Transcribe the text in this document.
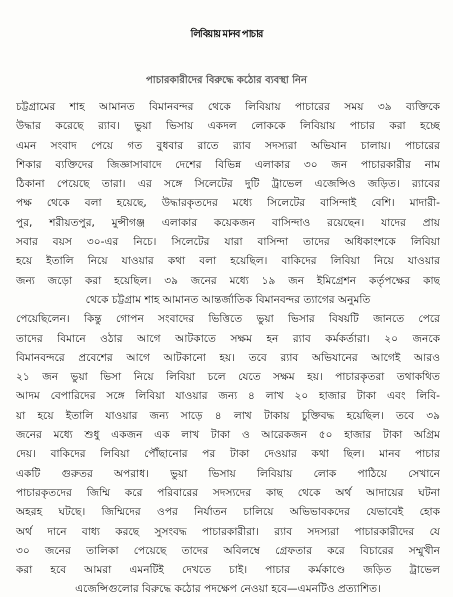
লিবিয়ায় মানব পাচার
পাচারকারীদের বিরুদ্ধে কঠোর ব্যবস্থা নিন
চট্টগ্রামের শাহ আমানত বিমানবন্দর থেকে লিবিয়ায় পাচারের সময় ৩৯ ব্যক্তিকে
উদ্ধার করেছে র‍্যাব। ভুয়া ভিসায় একদল লোককে লিবিয়ায় পাচার করা হচ্ছে
এমন সংবাদ পেয়ে গত বুধবার রাতে র‍্যাব সদস্যরা অভিযান চালায়। পাচারের
শিকার ব্যক্তিদের জিজ্ঞাসাবাদে দেশের বিভিন্ন এলাকার ৩০ জন পাচারকারীর নাম
ঠিকানা পেয়েছে তারা। এর সঙ্গে সিলেটের দুটি ট্রাভেল এজেন্সিও জড়িত। র‍্যাবের
পক্ষ থেকে বলা হয়েছে, উদ্ধারকৃতদের মধ্যে সিলেটের বাসিন্দাই বেশি। মাদারী-
পুর, শরীয়তপুর, মুন্সীগঞ্জ এলাকার কয়েকজন বাসিন্দাও রয়েছেন। যাদের প্রায়
সবার বয়স ৩০-এর নিচে। সিলেটের যারা বাসিন্দা তাদের অধিকাংশকে লিবিয়া
হয়ে ইতালি নিয়ে যাওয়ার কথা বলা হয়েছিল। বাকিদের লিবিয়া নিয়ে যাওয়ার
জন্য জড়ো করা হয়েছিল। ৩৯ জনের মধ্যে ১৯ জন ইমিগ্রেশন কর্তৃপক্ষের কাছ
থেকে চট্টগ্রাম শাহ আমানত আন্তর্জাতিক বিমানবন্দর ত্যাগের অনুমতি
পেয়েছিলেন। কিন্তু গোপন সংবাদের ভিত্তিতে ভুয়া ভিসার বিষয়টি জানতে পেরে
তাদের বিমানে ওঠার আগে আটকাতে সক্ষম হন র‍্যাব কর্মকর্তারা। ২০ জনকে
বিমানবন্দরে প্রবেশের আগে আটকানো হয়। তবে র‍্যাব অভিযানের আগেই আরও
২১ জন ভুয়া ভিসা নিয়ে লিবিয়া চলে যেতে সক্ষম হয়। পাচারকৃতরা তথাকথিত
আদম বেপারিদের সঙ্গে লিবিয়া যাওয়ার জন্য ৪ লাখ ২০ হাজার টাকা এবং লিবি-
য়া হয়ে ইতালি যাওয়ার জন্য সাড়ে ৪ লাখ টাকায় চুক্তিবদ্ধ হয়েছিল। তবে ৩৯
জনের মধ্যে শুধু একজন এক লাখ টাকা ও আরেকজন ৫০ হাজার টাকা অগ্রিম
দেয়। বাকিদের লিবিয়া পৌঁছানোর পর টাকা দেওয়ার কথা ছিল। মানব পাচার
একটি গুরুতর অপরাধ। ভুয়া ভিসায় লিবিয়ায় লোক পাঠিয়ে সেখানে
পাচারকৃতদের জিম্মি করে পরিবারের সদস্যদের কাছ থেকে অর্থ আদায়ের ঘটনা
অহরহ ঘটছে। জিম্মিদের ওপর নির্যাতন চালিয়ে অভিভাবকদের যেভাবেই হোক
অর্থ দানে বাধ্য করছে সুসংবদ্ধ পাচারকারীরা। র‍্যাব সদস্যরা পাচারকারীদের যে
৩০ জনের তালিকা পেয়েছে তাদের অবিলম্বে গ্রেফতার করে বিচারের সম্মুখীন
করা হবে আমরা এমনটিই দেখতে চাই। পাচার কর্মকাণ্ডে জড়িত ট্রাভেল
এজেন্সিগুলোর বিরুদ্ধে কঠোর পদক্ষেপ নেওয়া হবে—এমনটিও প্রত্যাশিত।
